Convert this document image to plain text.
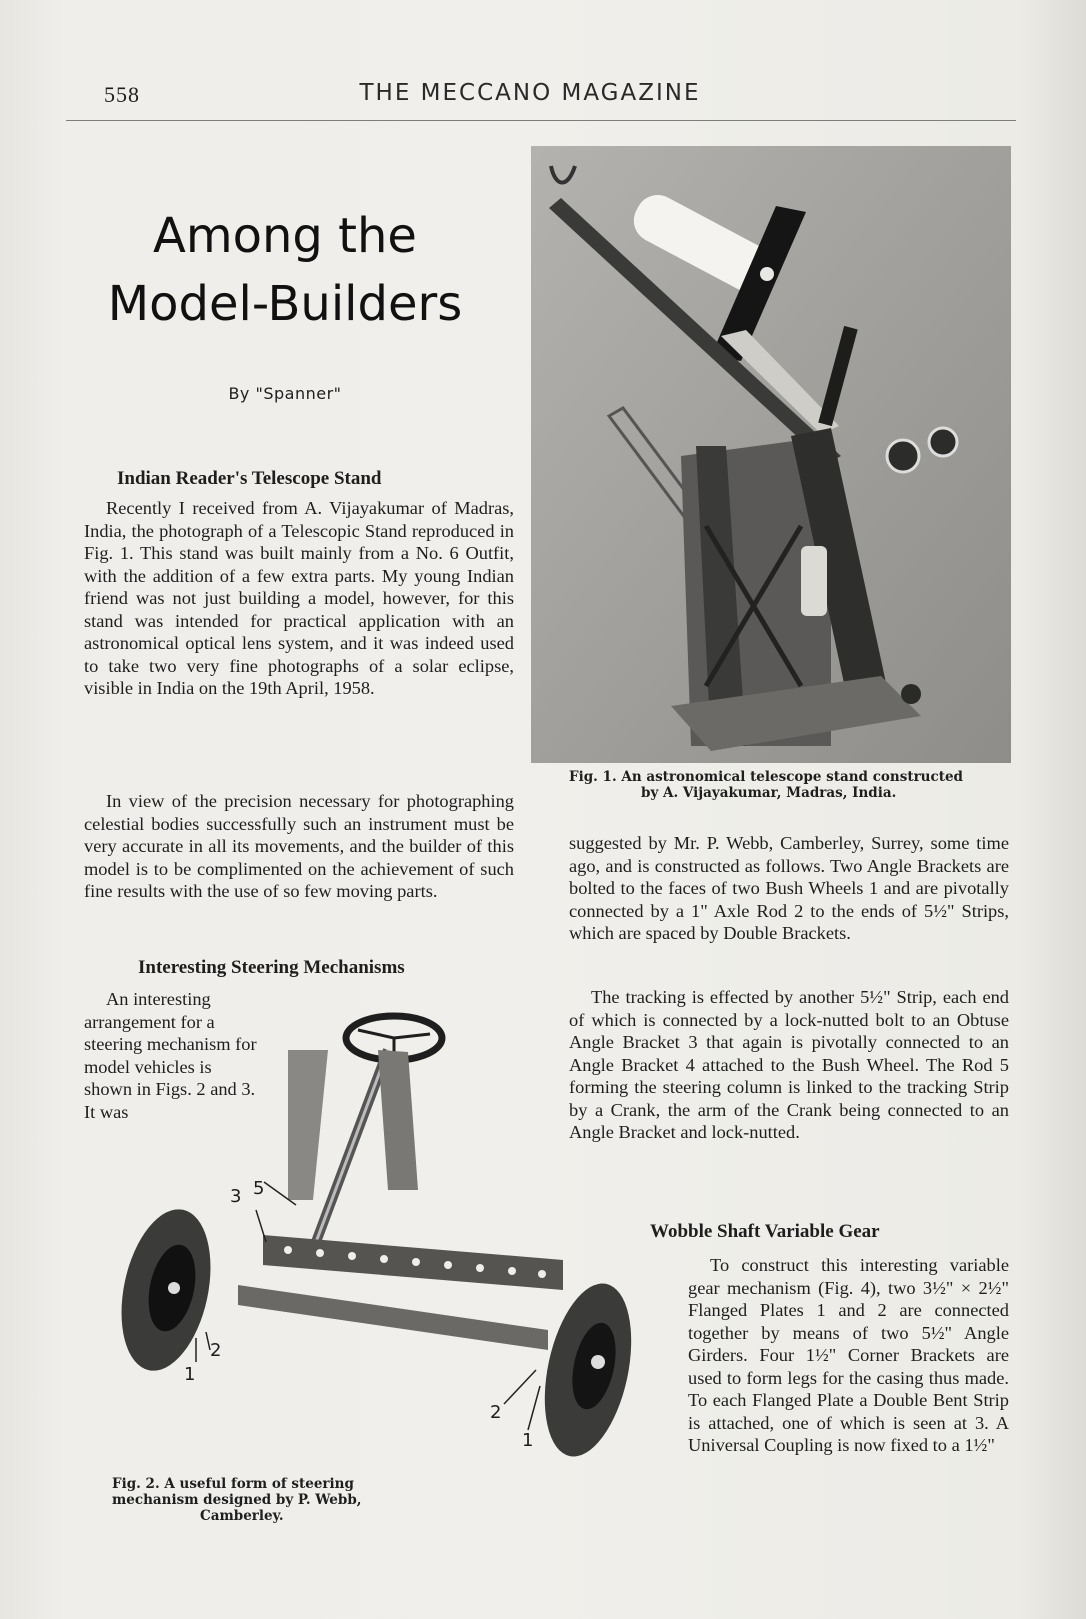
558	THE MECCANO MAGAZINE
Among the
Model-Builders
By "Spanner"
Indian Reader's Telescope Stand

Recently I received from A. Vijayakumar of Madras, India, the photograph of a Telescopic Stand reproduced in Fig. 1. This stand was built mainly from a No. 6 Outfit, with the addition of a few extra parts. My young Indian friend was not just building a model, however, for this stand was intended for practical application with an astronomical optical lens system, and it was indeed used to take two very fine photographs of a solar eclipse, visible in India on the 19th April, 1958.

In view of the precision necessary for photographing celestial bodies successfully such an instrument must be very accurate in all its movements, and the builder of this model is to be complimented on the achievement of such fine results with the use of so few moving parts.

Interesting Steering Mechanisms

An interesting arrangement for a steering mechanism for model vehicles is shown in Figs. 2 and 3. It was

Fig. 1. An astronomical telescope stand constructed
by A. Vijayakumar, Madras, India.

3 5
2
1
2
1

Fig. 2. A useful form of steering
mechanism designed by P. Webb,
Camberley.

suggested by Mr. P. Webb, Camberley, Surrey, some time ago, and is constructed as follows. Two Angle Brackets are bolted to the faces of two Bush Wheels 1 and are pivotally connected by a 1" Axle Rod 2 to the ends of 5½" Strips, which are spaced by Double Brackets.

The tracking is effected by another 5½" Strip, each end of which is connected by a lock-nutted bolt to an Obtuse Angle Bracket 3 that again is pivotally connected to an Angle Bracket 4 attached to the Bush Wheel. The Rod 5 forming the steering column is linked to the tracking Strip by a Crank, the arm of the Crank being connected to an Angle Bracket and lock-nutted.

Wobble Shaft Variable Gear

To construct this interesting variable gear mechanism (Fig. 4), two 3½" × 2½" Flanged Plates 1 and 2 are connected together by means of two 5½" Angle Girders. Four 1½" Corner Brackets are used to form legs for the casing thus made. To each Flanged Plate a Double Bent Strip is attached, one of which is seen at 3. A Universal Coupling is now fixed to a 1½"
